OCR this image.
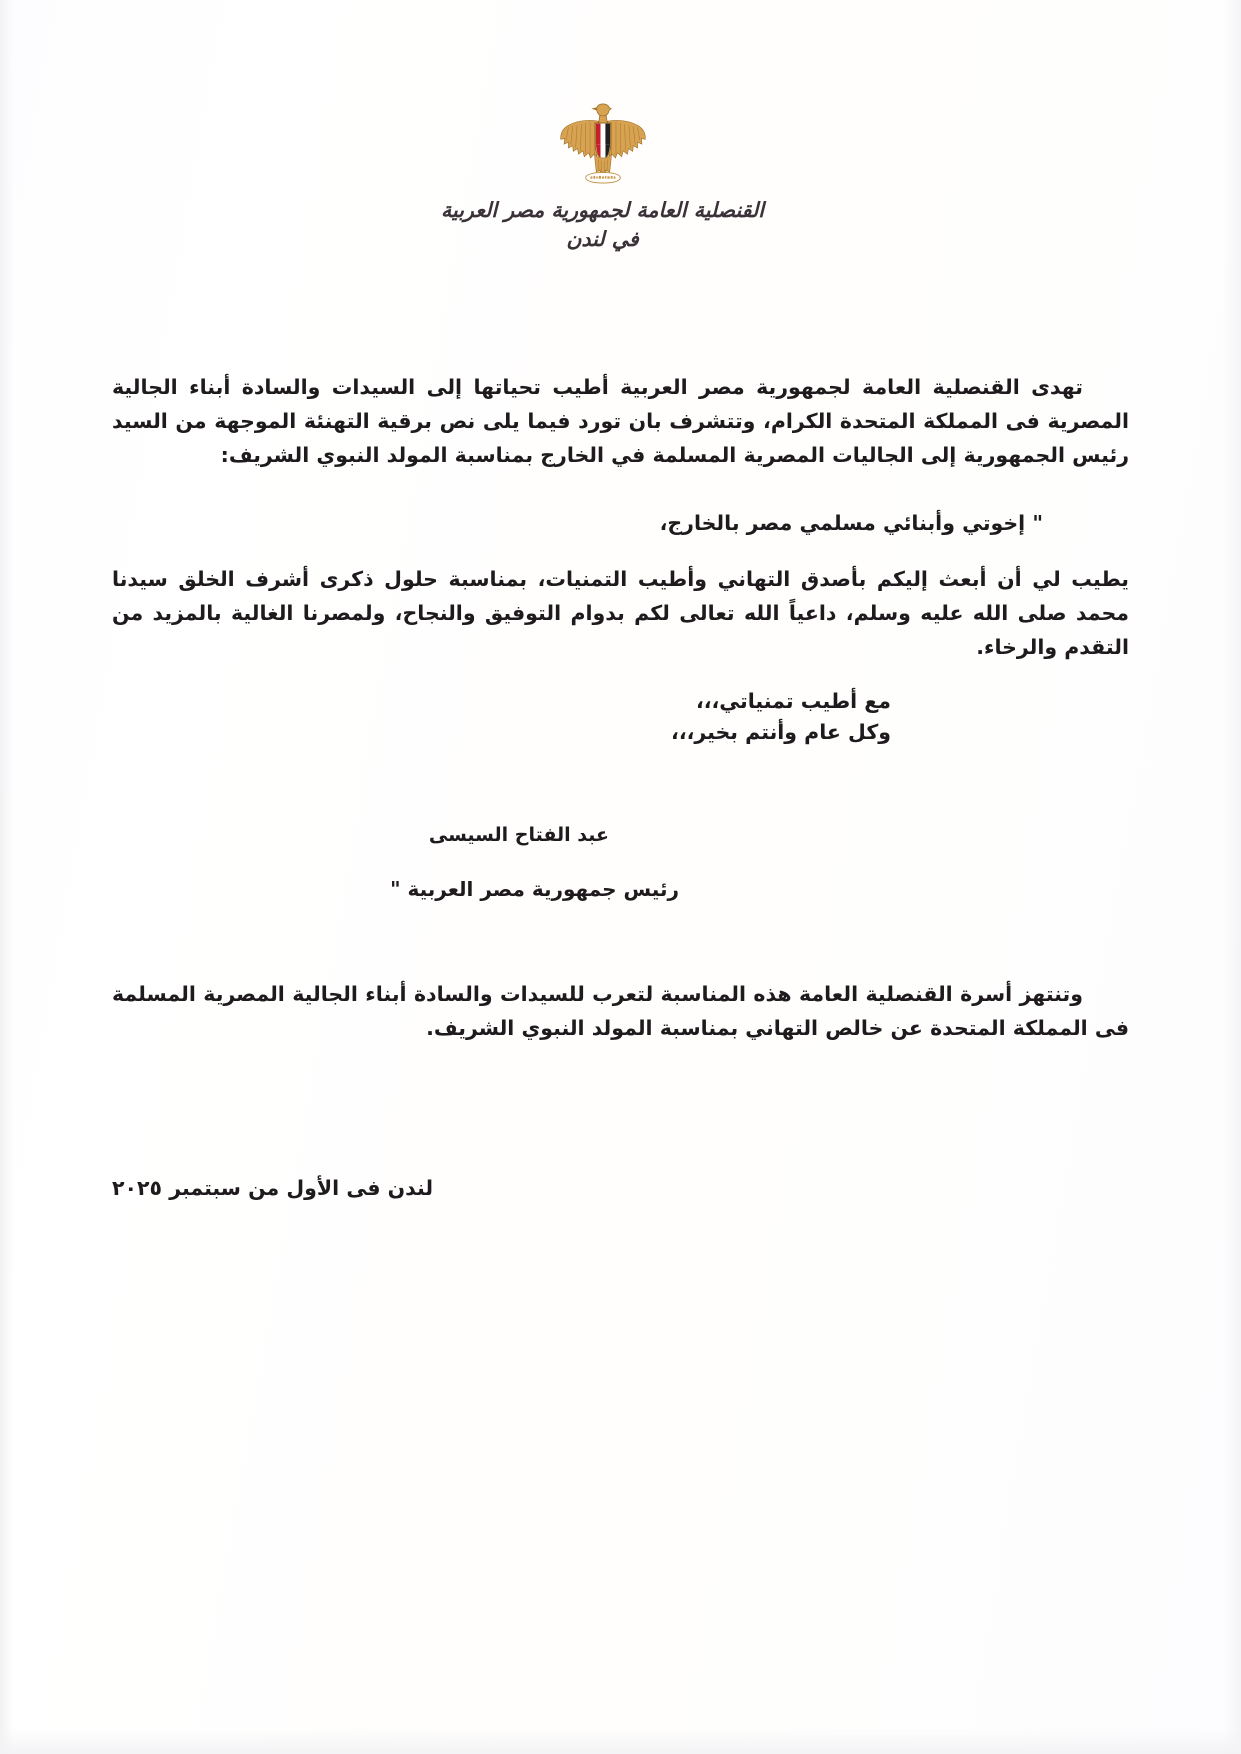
القنصلية العامة لجمهورية مصر العربية
في لندن
تهدى القنصلية العامة لجمهورية مصر العربية أطيب تحياتها إلى السيدات والسادة أبناء الجالية المصرية فى المملكة المتحدة الكرام، وتتشرف بان تورد فيما يلى نص برقية التهنئة الموجهة من السيد رئيس الجمهورية إلى الجاليات المصرية المسلمة في الخارج بمناسبة المولد النبوي الشريف:
" إخوتي وأبنائي مسلمي مصر بالخارج،
يطيب لي أن أبعث إليكم بأصدق التهاني وأطيب التمنيات، بمناسبة حلول ذكرى أشرف الخلق سيدنا محمد صلى الله عليه وسلم، داعياً الله تعالى لكم بدوام التوفيق والنجاح، ولمصرنا الغالية بالمزيد من التقدم والرخاء.
مع أطيب تمنياتي،،،
وكل عام وأنتم بخير،،،
عبد الفتاح السيسى
رئيس جمهورية مصر العربية "
وتنتهز أسرة القنصلية العامة هذه المناسبة لتعرب للسيدات والسادة أبناء الجالية المصرية المسلمة فى المملكة المتحدة عن خالص التهاني بمناسبة المولد النبوي الشريف.
لندن فى الأول من سبتمبر ٢٠٢٥
